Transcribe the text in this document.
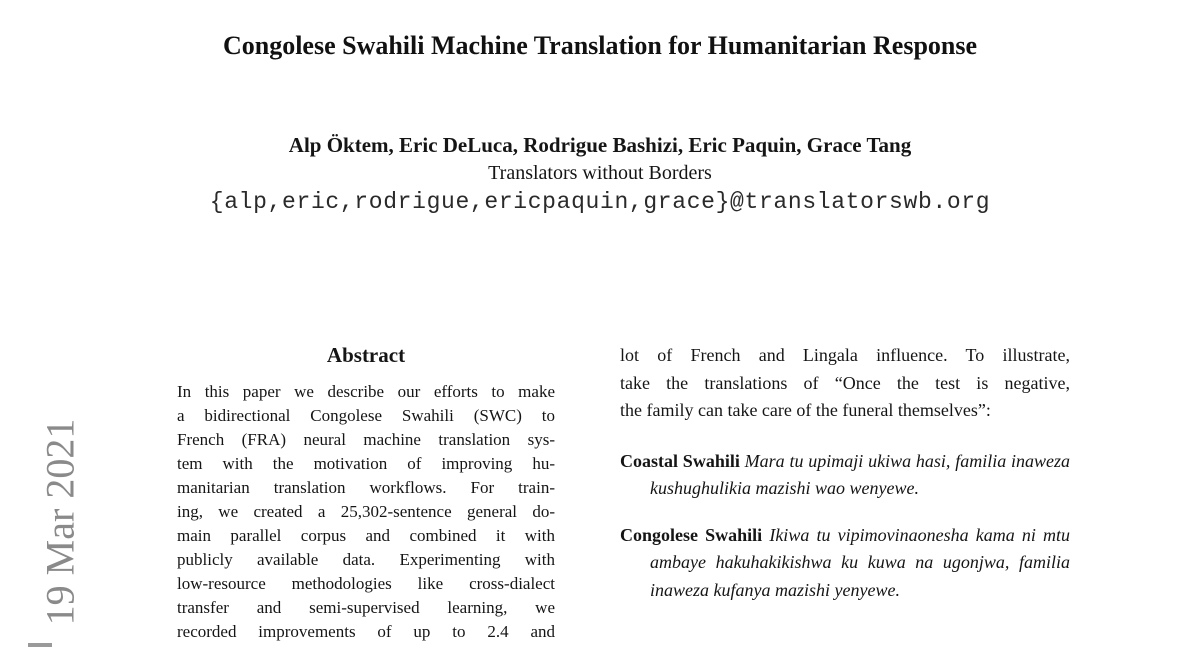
19 Mar 2021
Congolese Swahili Machine Translation for Humanitarian Response
Alp Öktem, Eric DeLuca, Rodrigue Bashizi, Eric Paquin, Grace Tang
Translators without Borders
{alp,eric,rodrigue,ericpaquin,grace}@translatorswb.org
Abstract
In this paper we describe our efforts to make
a bidirectional Congolese Swahili (SWC) to
French (FRA) neural machine translation sys-
tem with the motivation of improving hu-
manitarian translation workflows. For train-
ing, we created a 25,302-sentence general do-
main parallel corpus and combined it with
publicly available data. Experimenting with
low-resource methodologies like cross-dialect
transfer and semi-supervised learning, we
recorded improvements of up to 2.4 and
lot of French and Lingala influence. To illustrate,
take the translations of “Once the test is negative,
the family can take care of the funeral themselves”:
Coastal Swahili Mara tu upimaji ukiwa hasi, familia inaweza kushughulikia mazishi wao wenyewe.
Congolese Swahili Ikiwa tu vipimovinaonesha kama ni mtu ambaye hakuhakikishwa ku kuwa na ugonjwa, familia inaweza kufanya mazishi yenyewe.
